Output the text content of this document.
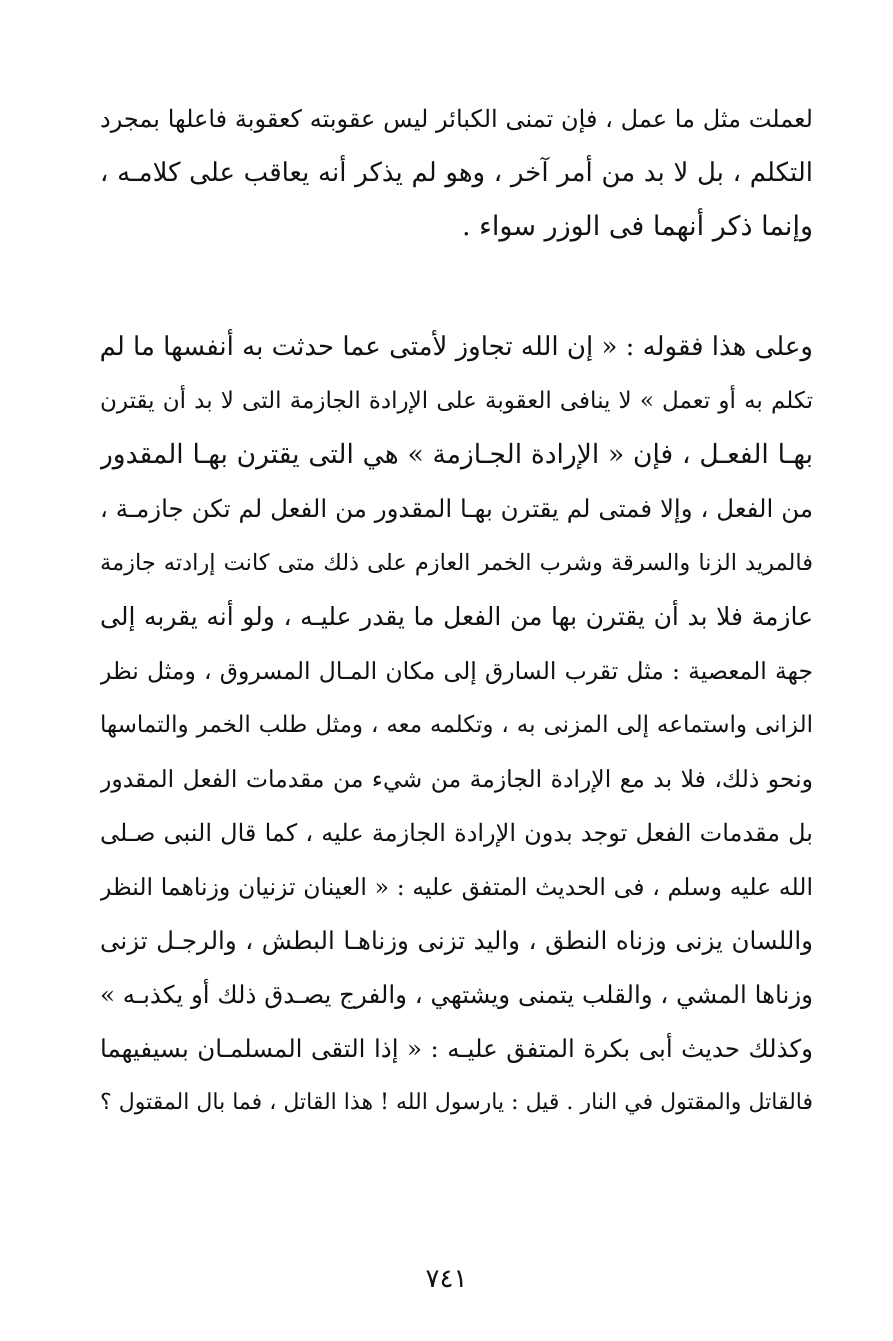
لعملت مثل ما عمل ، فإن تمنى الكبائر ليس عقوبته كعقوبة فاعلها بمجرد
التكلم ، بل لا بد من أمر آخر ، وهو لم يذكر أنه يعاقب على كلامـه ،
وإنما ذكر أنهما فى الوزر سواء .
وعلى هذا فقوله : « إن الله تجاوز لأمتى عما حدثت به أنفسها ما لم
تكلم به أو تعمل » لا ينافى العقوبة على الإرادة الجازمة التى لا بد أن يقترن
بهـا الفعـل ، فإن « الإرادة الجـازمة » هي التى يقترن بهـا المقدور
من الفعل ، وإلا فمتى لم يقترن بهـا المقدور من الفعل لم تكن جازمـة ،
فالمريد الزنا والسرقة وشرب الخمر العازم على ذلك متى كانت إرادته جازمة
عازمة فلا بد أن يقترن بها من الفعل ما يقدر عليـه ، ولو أنه يقربه إلى
جهة المعصية : مثل تقرب السارق إلى مكان المـال المسروق ، ومثل نظر
الزانى واستماعه إلى المزنى به ، وتكلمه معه ، ومثل طلب الخمر والتماسها
ونحو ذلك، فلا بد مع الإرادة الجازمة من شيء من مقدمات الفعل المقدور
بل مقدمات الفعل توجد بدون الإرادة الجازمة عليه ، كما قال النبى صـلى
الله عليه وسلم ، فى الحديث المتفق عليه : « العينان تزنيان وزناهما النظر
واللسان يزنى وزناه النطق ، واليد تزنى وزناهـا البطش ، والرجـل تزنى
وزناها المشي ، والقلب يتمنى ويشتهي ، والفرج يصـدق ذلك أو يكذبـه »
وكذلك حديث أبى بكرة المتفق عليـه : « إذا التقى المسلمـان بسيفيهما
فالقاتل والمقتول في النار . قيل : يارسول الله ! هذا القاتل ، فما بال المقتول ؟
٧٤١
